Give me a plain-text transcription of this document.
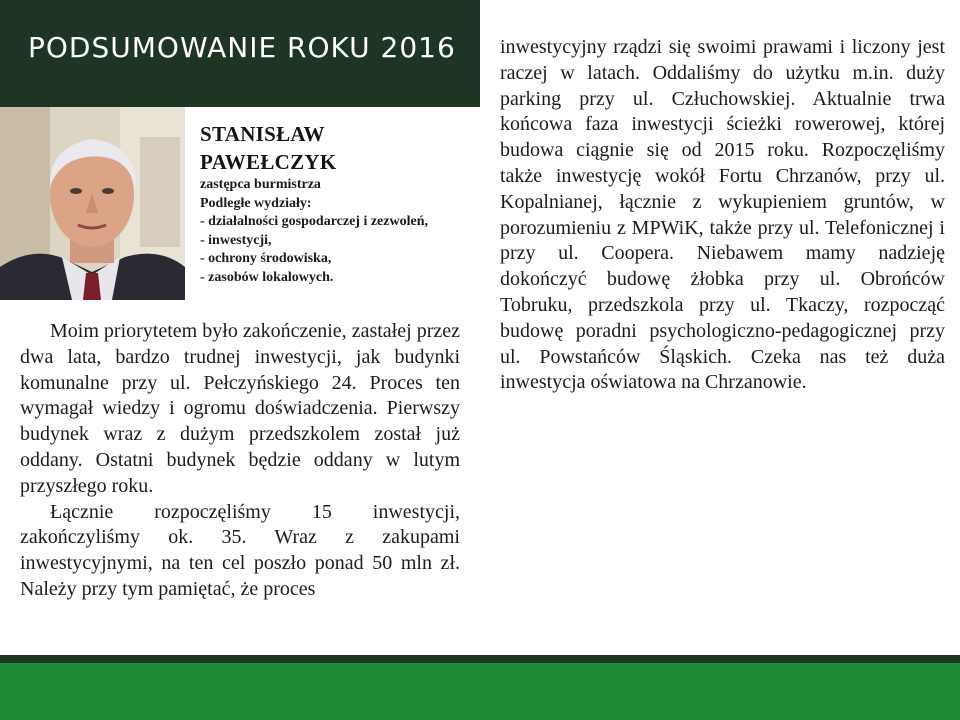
PODSUMOWANIE ROKU 2016
STANISŁAW
PAWEŁCZYK
zastępca burmistrza
Podległe wydziały:
- działalności gospodarczej i zezwoleń,
- inwestycji,
- ochrony środowiska,
- zasobów lokalowych.

Moim priorytetem było zakończenie, zastałej przez dwa lata, bardzo trudnej inwestycji, jak budynki komunalne przy ul. Pełczyńskiego 24. Proces ten wymagał wiedzy i ogromu doświadczenia. Pierwszy budynek wraz z dużym przedszkolem został już oddany. Ostatni budynek będzie oddany w lutym przyszłego roku.

Łącznie rozpoczęliśmy 15 inwestycji, zakończyliśmy ok. 35. Wraz z zakupami inwestycyjnymi, na ten cel poszło ponad 50 mln zł. Należy przy tym pamiętać, że proces

inwestycyjny rządzi się swoimi prawami i liczony jest raczej w latach. Oddaliśmy do użytku m.in. duży parking przy ul. Człuchowskiej. Aktualnie trwa końcowa faza inwestycji ścieżki rowerowej, której budowa ciągnie się od 2015 roku. Rozpoczęliśmy także inwestycję wokół Fortu Chrzanów, przy ul. Kopalnianej, łącznie z wykupieniem gruntów, w porozumieniu z MPWiK, także przy ul. Telefonicznej i przy ul. Coopera. Niebawem mamy nadzieję dokończyć budowę żłobka przy ul. Obrońców Tobruku, przedszkola przy ul. Tkaczy, rozpocząć budowę poradni psychologiczno-pedagogicznej przy ul. Powstańców Śląskich. Czeka nas też duża inwestycja oświatowa na Chrzanowie.
